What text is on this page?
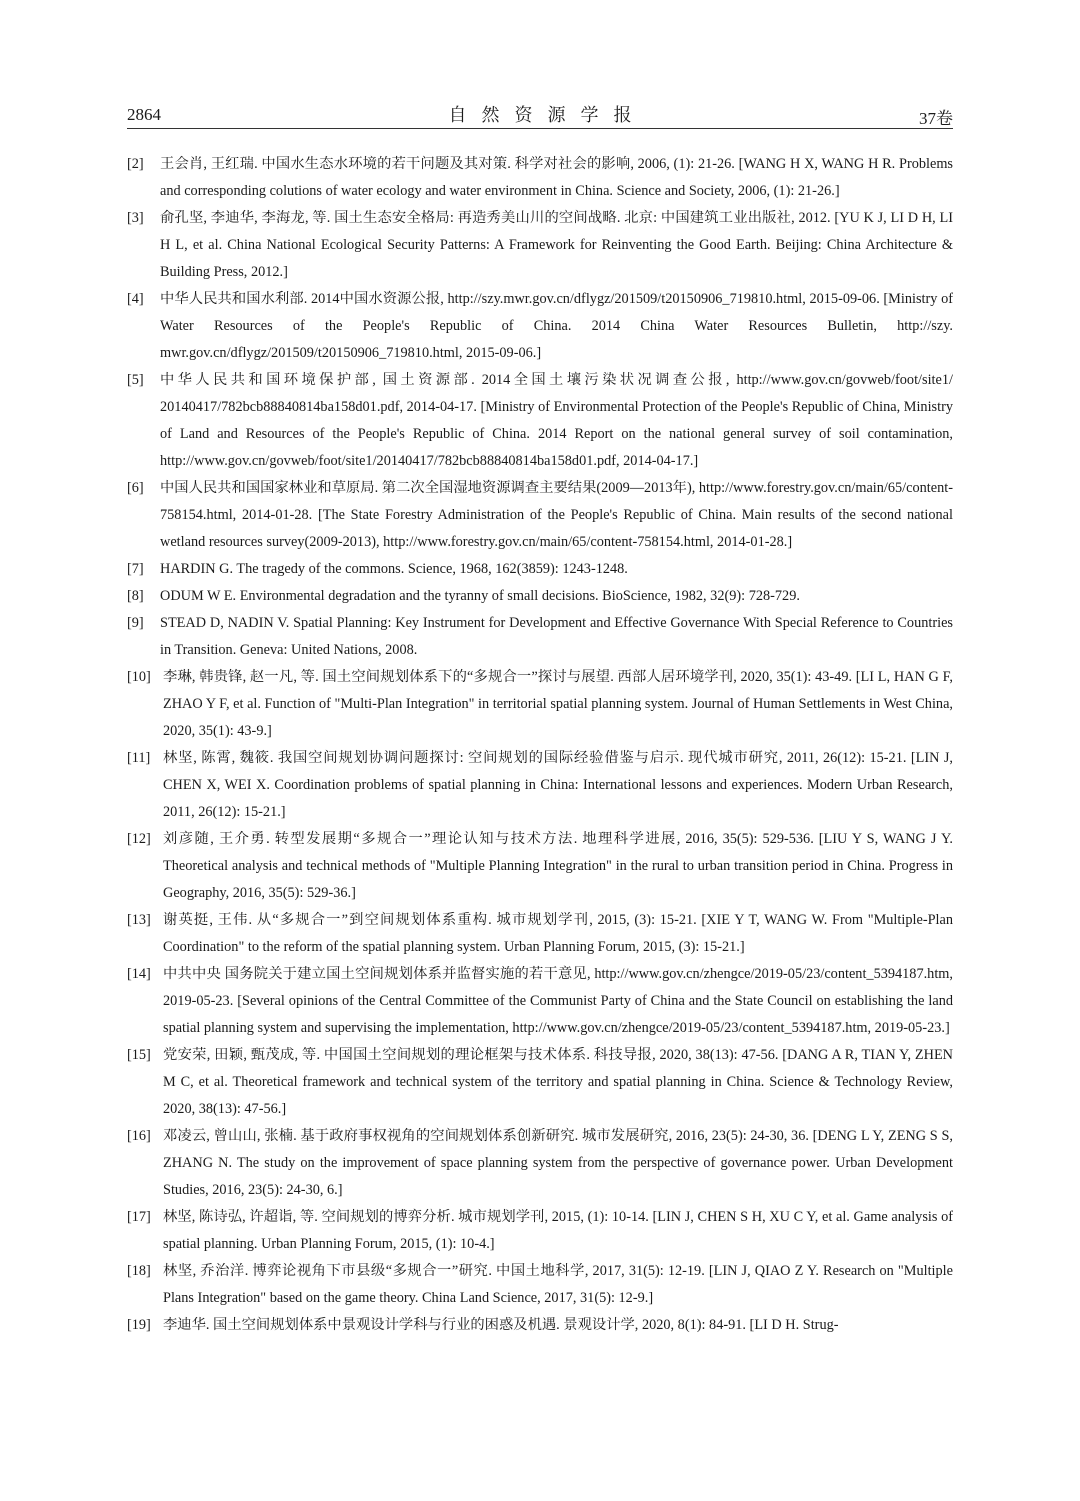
2864	自然资源学报	37卷
[2] 王会肖, 王红瑞. 中国水生态水环境的若干问题及其对策. 科学对社会的影响, 2006, (1): 21-26. [WANG H X, WANG H R. Problems and corresponding colutions of water ecology and water environment in China. Science and Society, 2006, (1): 21-26.]
[3] 俞孔坚, 李迪华, 李海龙, 等. 国土生态安全格局: 再造秀美山川的空间战略. 北京: 中国建筑工业出版社, 2012. [YU K J, LI D H, LI H L, et al. China National Ecological Security Patterns: A Framework for Reinventing the Good Earth. Beijing: China Architecture & Building Press, 2012.]
[4] 中华人民共和国水利部. 2014中国水资源公报, http://szy.mwr.gov.cn/dflygz/201509/t20150906_719810.html, 2015-09-06. [Ministry of Water Resources of the People's Republic of China. 2014 China Water Resources Bulletin, http://szy.​mwr.gov.cn/dflygz/201509/t20150906_719810.html, 2015-09-06.]
[5] 中华人民共和国环境保护部, 国土资源部. 2014全国土壤污染状况调查公报, http://www.gov.cn/govweb/foot/site1/​20140417/782bcb88840814ba158d01.pdf, 2014-04-17. [Ministry of Environmental Protection of the People's Republic of China, Ministry of Land and Resources of the People's Republic of China. 2014 Report on the national general survey of soil contamination, http://www.gov.cn/govweb/foot/site1/20140417/782bcb88840814ba158d01.pdf, 2014-04-17.]
[6] 中国人民共和国国家林业和草原局. 第二次全国湿地资源调查主要结果(2009—2013年), http://www.forestry.gov.cn/​main/65/content-758154.html, 2014-01-28. [The State Forestry Administration of the People's Republic of China. Main results of the second national wetland resources survey(2009-2013), http://www.forestry.gov.cn/main/65/content-758154.​html, 2014-01-28.]
[7] HARDIN G. The tragedy of the commons. Science, 1968, 162(3859): 1243-1248.
[8] ODUM W E. Environmental degradation and the tyranny of small decisions. BioScience, 1982, 32(9): 728-729.
[9] STEAD D, NADIN V. Spatial Planning: Key Instrument for Development and Effective Governance With Special Reference to Countries in Transition. Geneva: United Nations, 2008.
[10] 李琳, 韩贵锋, 赵一凡, 等. 国土空间规划体系下的“多规合一”探讨与展望. 西部人居环境学刊, 2020, 35(1): 43-49. [LI L, HAN G F, ZHAO Y F, et al. Function of "Multi-Plan Integration" in territorial spatial planning system. Journal of Human Settlements in West China, 2020, 35(1): 43-9.]
[11] 林坚, 陈霄, 魏筱. 我国空间规划协调问题探讨: 空间规划的国际经验借鉴与启示. 现代城市研究, 2011, 26(12): 15-21. [LIN J, CHEN X, WEI X. Coordination problems of spatial planning in China: International lessons and experiences. Modern Urban Research, 2011, 26(12): 15-21.]
[12] 刘彦随, 王介勇. 转型发展期“多规合一”理论认知与技术方法. 地理科学进展, 2016, 35(5): 529-536. [LIU Y S, WANG J Y. Theoretical analysis and technical methods of "Multiple Planning Integration" in the rural to urban transition period in China. Progress in Geography, 2016, 35(5): 529-36.]
[13] 谢英挺, 王伟. 从“多规合一”到空间规划体系重构. 城市规划学刊, 2015, (3): 15-21. [XIE Y T, WANG W. From "Multiple-Plan Coordination" to the reform of the spatial planning system. Urban Planning Forum, 2015, (3): 15-21.]
[14] 中共中央 国务院关于建立国土空间规划体系并监督实施的若干意见, http://www.gov.cn/zhengce/2019-05/23/content_5394187.htm, 2019-05-23. [Several opinions of the Central Committee of the Communist Party of China and the State Council on establishing the land spatial planning system and supervising the implementation, http://www.gov.cn/​zhengce/2019-05/23/content_5394187.htm, 2019-05-23.]
[15] 党安荣, 田颖, 甄茂成, 等. 中国国土空间规划的理论框架与技术体系. 科技导报, 2020, 38(13): 47-56. [DANG A R, TIAN Y, ZHEN M C, et al. Theoretical framework and technical system of the territory and spatial planning in China. Science & Technology Review, 2020, 38(13): 47-56.]
[16] 邓凌云, 曾山山, 张楠. 基于政府事权视角的空间规划体系创新研究. 城市发展研究, 2016, 23(5): 24-30, 36. [DENG L Y, ZENG S S, ZHANG N. The study on the improvement of space planning system from the perspective of governance power. Urban Development Studies, 2016, 23(5): 24-30, 6.]
[17] 林坚, 陈诗弘, 许超诣, 等. 空间规划的博弈分析. 城市规划学刊, 2015, (1): 10-14. [LIN J, CHEN S H, XU C Y, et al. Game analysis of spatial planning. Urban Planning Forum, 2015, (1): 10-4.]
[18] 林坚, 乔治洋. 博弈论视角下市县级“多规合一”研究. 中国土地科学, 2017, 31(5): 12-19. [LIN J, QIAO Z Y. Research on "Multiple Plans Integration" based on the game theory. China Land Science, 2017, 31(5): 12-9.]
[19] 李迪华. 国土空间规划体系中景观设计学科与行业的困惑及机遇. 景观设计学, 2020, 8(1): 84-91. [LI D H. Strug-
